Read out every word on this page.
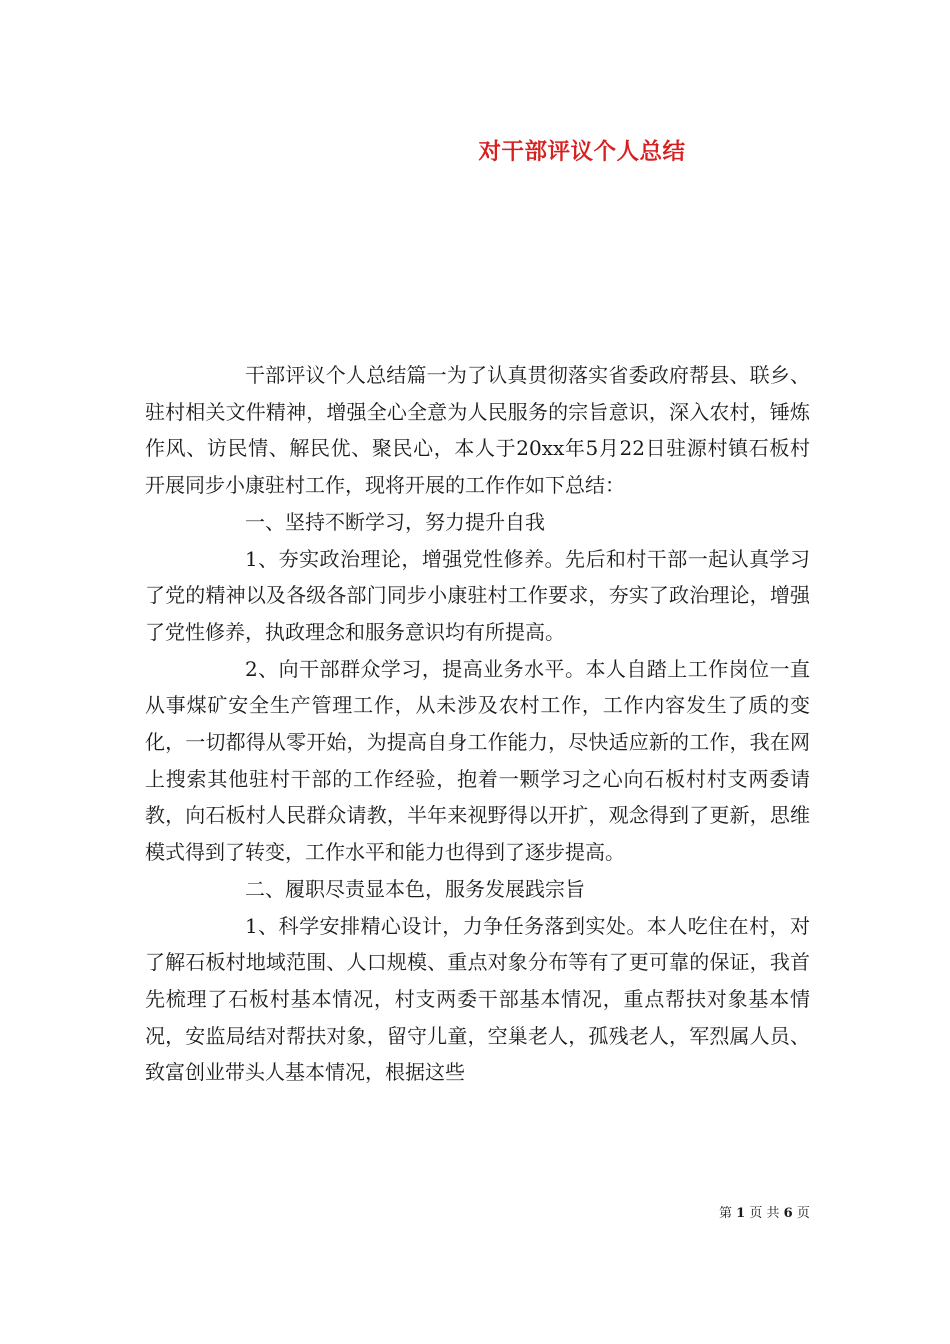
对干部评议个人总结

干部评议个人总结篇一为了认真贯彻落实省委政府帮县、联乡、驻村相关文件精神，增强全心全意为人民服务的宗旨意识，深入农村，锤炼作风、访民情、解民优、聚民心，本人于20xx年5月22日驻源村镇石板村开展同步小康驻村工作，现将开展的工作作如下总结：

一、坚持不断学习，努力提升自我

1、夯实政治理论，增强党性修养。先后和村干部一起认真学习了党的精神以及各级各部门同步小康驻村工作要求，夯实了政治理论，增强了党性修养，执政理念和服务意识均有所提高。

2、向干部群众学习，提高业务水平。本人自踏上工作岗位一直从事煤矿安全生产管理工作，从未涉及农村工作，工作内容发生了质的变化，一切都得从零开始，为提高自身工作能力，尽快适应新的工作，我在网上搜索其他驻村干部的工作经验，抱着一颗学习之心向石板村村支两委请教，向石板村人民群众请教，半年来视野得以开扩，观念得到了更新，思维模式得到了转变，工作水平和能力也得到了逐步提高。

二、履职尽责显本色，服务发展践宗旨

1、科学安排精心设计，力争任务落到实处。本人吃住在村，对了解石板村地域范围、人口规模、重点对象分布等有了更可靠的保证，我首先梳理了石板村基本情况，村支两委干部基本情况，重点帮扶对象基本情况，安监局结对帮扶对象，留守儿童，空巢老人，孤残老人，军烈属人员、致富创业带头人基本情况，根据这些

第 1 页 共 6 页
